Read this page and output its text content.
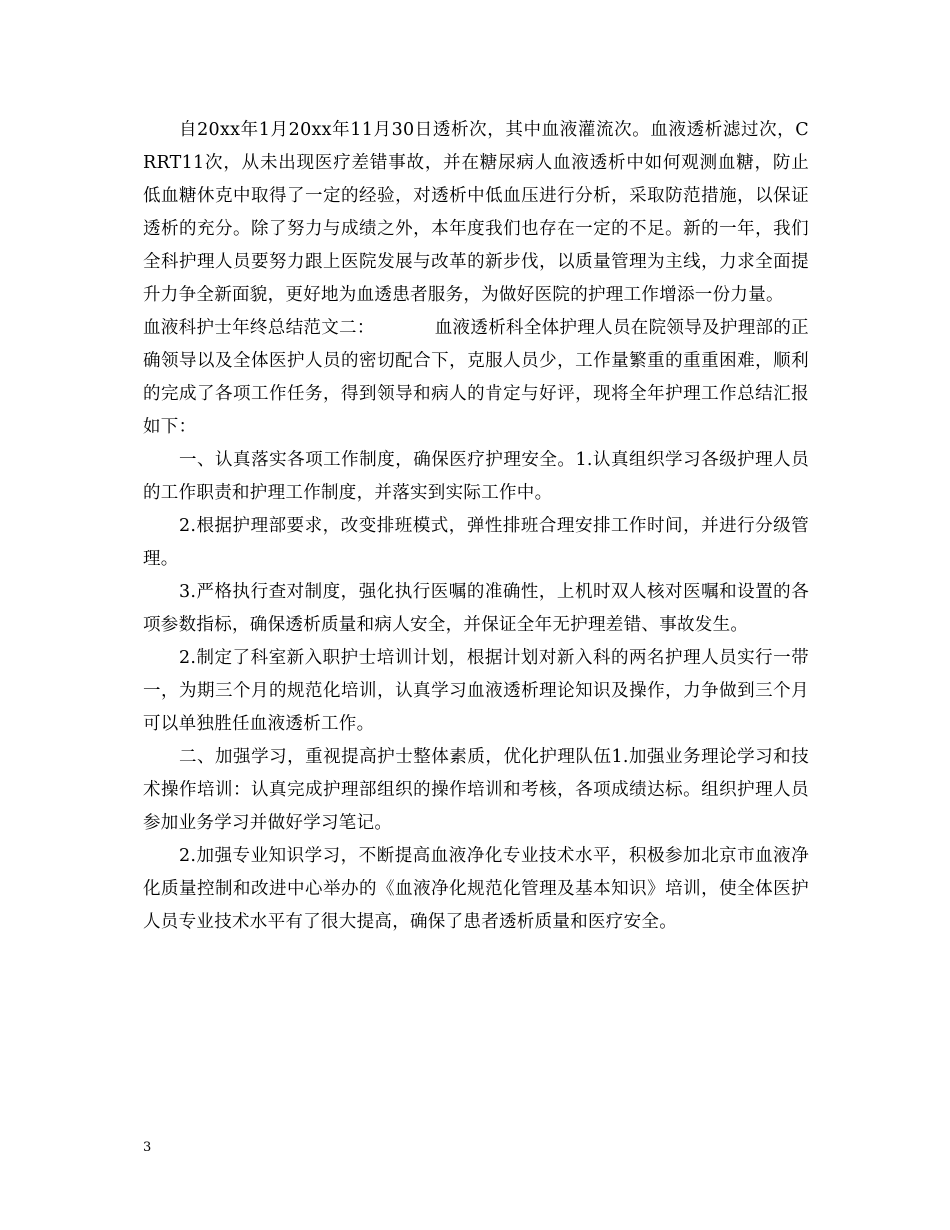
自20xx年1月20xx年11月30日透析次，其中血液灌流次。血液透析滤过次，CRRT11次，从未出现医疗差错事故，并在糖尿病人血液透析中如何观测血糖，防止低血糖休克中取得了一定的经验，对透析中低血压进行分析，采取防范措施，以保证透析的充分。除了努力与成绩之外，本年度我们也存在一定的不足。新的一年，我们全科护理人员要努力跟上医院发展与改革的新步伐，以质量管理为主线，力求全面提升力争全新面貌，更好地为血透患者服务，为做好医院的护理工作增添一份力量。

血液科护士年终总结范文二：	血液透析科全体护理人员在院领导及护理部的正确领导以及全体医护人员的密切配合下，克服人员少，工作量繁重的重重困难，顺利的完成了各项工作任务，得到领导和病人的肯定与好评，现将全年护理工作总结汇报如下：

一、认真落实各项工作制度，确保医疗护理安全。1.认真组织学习各级护理人员的工作职责和护理工作制度，并落实到实际工作中。

2.根据护理部要求，改变排班模式，弹性排班合理安排工作时间，并进行分级管理。

3.严格执行查对制度，强化执行医嘱的准确性，上机时双人核对医嘱和设置的各项参数指标，确保透析质量和病人安全，并保证全年无护理差错、事故发生。

2.制定了科室新入职护士培训计划，根据计划对新入科的两名护理人员实行一带一，为期三个月的规范化培训，认真学习血液透析理论知识及操作，力争做到三个月可以单独胜任血液透析工作。

二、加强学习，重视提高护士整体素质，优化护理队伍1.加强业务理论学习和技术操作培训：认真完成护理部组织的操作培训和考核，各项成绩达标。组织护理人员参加业务学习并做好学习笔记。

2.加强专业知识学习，不断提高血液净化专业技术水平，积极参加北京市血液净化质量控制和改进中心举办的《血液净化规范化管理及基本知识》培训，使全体医护人员专业技术水平有了很大提高，确保了患者透析质量和医疗安全。

3
